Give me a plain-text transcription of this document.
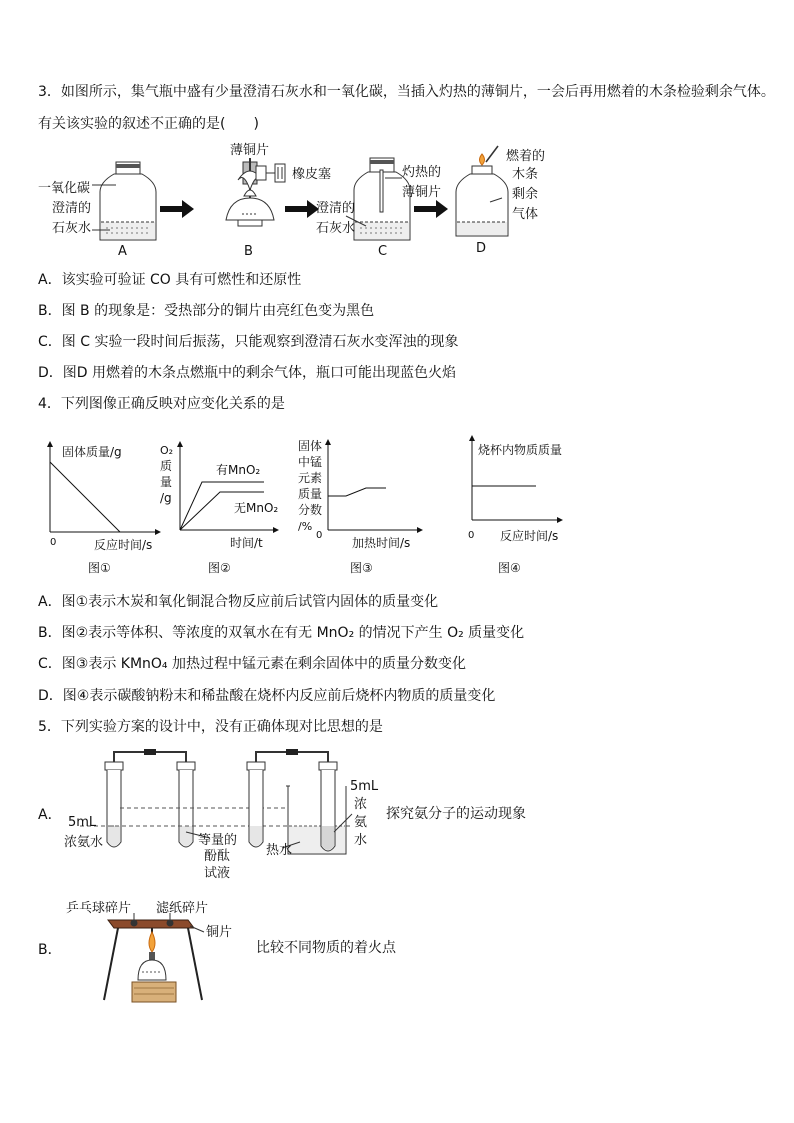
3．如图所示，集气瓶中盛有少量澄清石灰水和一氧化碳，当插入灼热的薄铜片，一会后再用燃着的木条检验剩余气体。
有关该实验的叙述不正确的是(　　)
一氧化碳
澄清的
石灰水
A
薄铜片
橡皮塞
B
灼热的
薄铜片
澄清的
石灰水
C
燃着的
木条
剩余
气体
D
A．该实验可验证 CO 具有可燃性和还原性
B．图 B 的现象是：受热部分的铜片由亮红色变为黑色
C．图 C 实验一段时间后振荡，只能观察到澄清石灰水变浑浊的现象
D．图D 用燃着的木条点燃瓶中的剩余气体，瓶口可能出现蓝色火焰
4．下列图像正确反映对应变化关系的是
固体质量/g
0	反应时间/s
图①
O₂
质
量
/g
有MnO₂
无MnO₂
时间/t
图②
固体
中锰
元素
质量
分数
/%
0
加热时间/s
图③
烧杯内物质质量
0 反应时间/s
图④
A．图①表示木炭和氧化铜混合物反应前后试管内固体的质量变化
B．图②表示等体积、等浓度的双氧水在有无 MnO₂ 的情况下产生 O₂ 质量变化
C．图③表示 KMnO₄ 加热过程中锰元素在剩余固体中的质量分数变化
D．图④表示碳酸钠粉末和稀盐酸在烧杯内反应前后烧杯内物质的质量变化
5．下列实验方案的设计中，没有正确体现对比思想的是
A． 5mL
浓氨水	等量的
酚酞
试液
热水
5mL
浓
氨
水
探究氨分子的运动现象
B．
乒乓球碎片 滤纸碎片
铜片
比较不同物质的着火点
